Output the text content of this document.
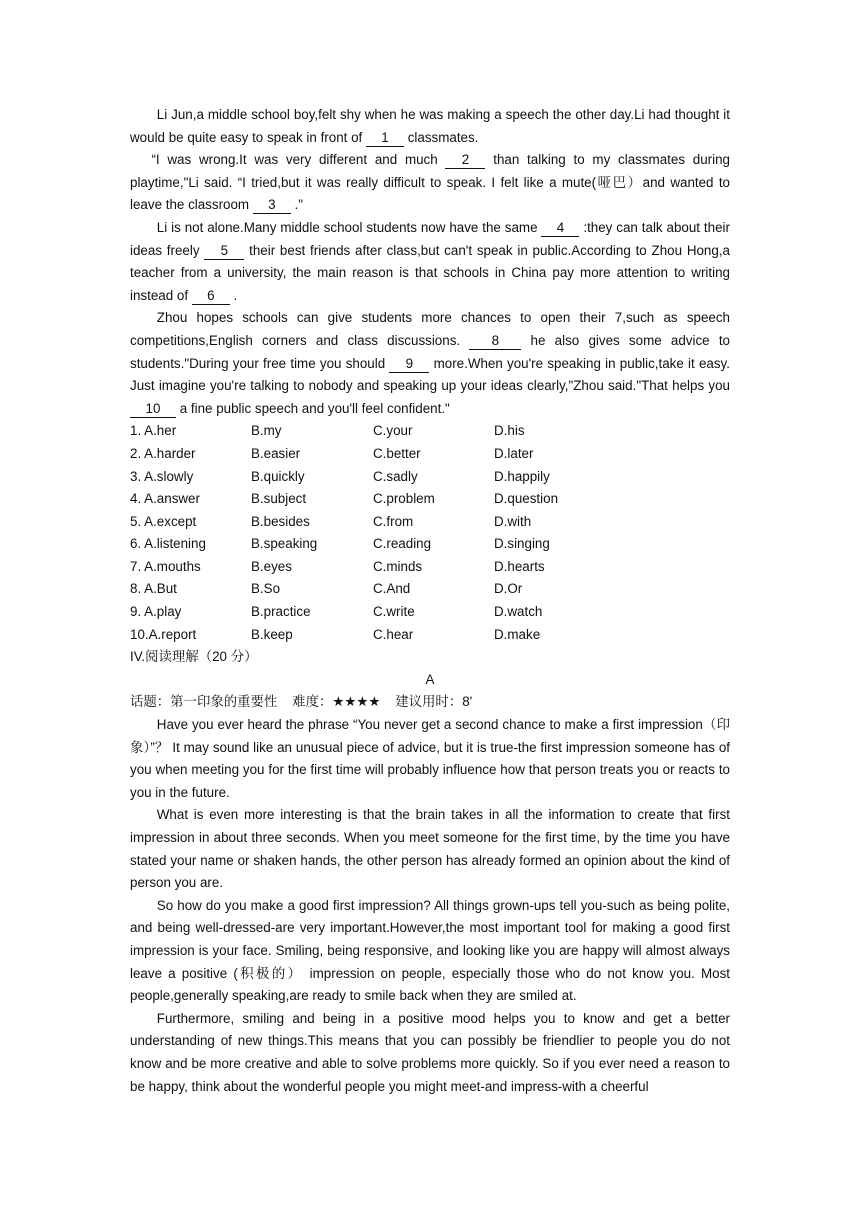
Li Jun,a middle school boy,felt shy when he was making a speech the other day.Li had thought it would be quite easy to speak in front of 1 classmates.

“I was wrong.It was very different and much 2 than talking to my classmates during playtime,"Li said. “I tried,but it was really difficult to speak. I felt like a mute(哑巴）and wanted to leave the classroom 3 ."

Li is not alone.Many middle school students now have the same 4 :they can talk about their ideas freely 5 their best friends after class,but can't speak in public.According to Zhou Hong,a teacher from a university, the main reason is that schools in China pay more attention to writing instead of 6 .

Zhou hopes schools can give students more chances to open their 7,such as speech competitions,English corners and class discussions. 8 he also gives some advice to students."During your free time you should 9 more.When you're speaking in public,take it easy. Just imagine you're talking to nobody and speaking up your ideas clearly,"Zhou said."That helps you 10 a fine public speech and you'll feel confident."

1. A.her	B.my	C.your	D.his
2. A.harder	B.easier	C.better	D.later
3. A.slowly	B.quickly	C.sadly	D.happily
4. A.answer	B.subject	C.problem	D.question
5. A.except	B.besides	C.from	D.with
6. A.listening	B.speaking	C.reading	D.singing
7. A.mouths	B.eyes	C.minds	D.hearts
8. A.But	B.So	C.And	D.Or
9. A.play	B.practice	C.write	D.watch
10.A.report	B.keep	C.hear	D.make

IV.阅读理解（20 分）

A

话题：第一印象的重要性    难度：★★★★    建议用时：8'

Have you ever heard the phrase “You never get a second chance to make a first impression（印象）”？ It may sound like an unusual piece of advice, but it is true-the first impression someone has of you when meeting you for the first time will probably influence how that person treats you or reacts to you in the future.

What is even more interesting is that the brain takes in all the information to create that first impression in about three seconds. When you meet someone for the first time, by the time you have stated your name or shaken hands, the other person has already formed an opinion about the kind of person you are.

So how do you make a good first impression? All things grown-ups tell you-such as being polite, and being well-dressed-are very important.However,the most important tool for making a good first impression is your face. Smiling, being responsive, and looking like you are happy will almost always leave a positive (积极的） impression on people, especially those who do not know you. Most people,generally speaking,are ready to smile back when they are smiled at.

Furthermore, smiling and being in a positive mood helps you to know and get a better understanding of new things.This means that you can possibly be friendlier to people you do not know and be more creative and able to solve problems more quickly. So if you ever need a reason to be happy, think about the wonderful people you might meet-and impress-with a cheerful
